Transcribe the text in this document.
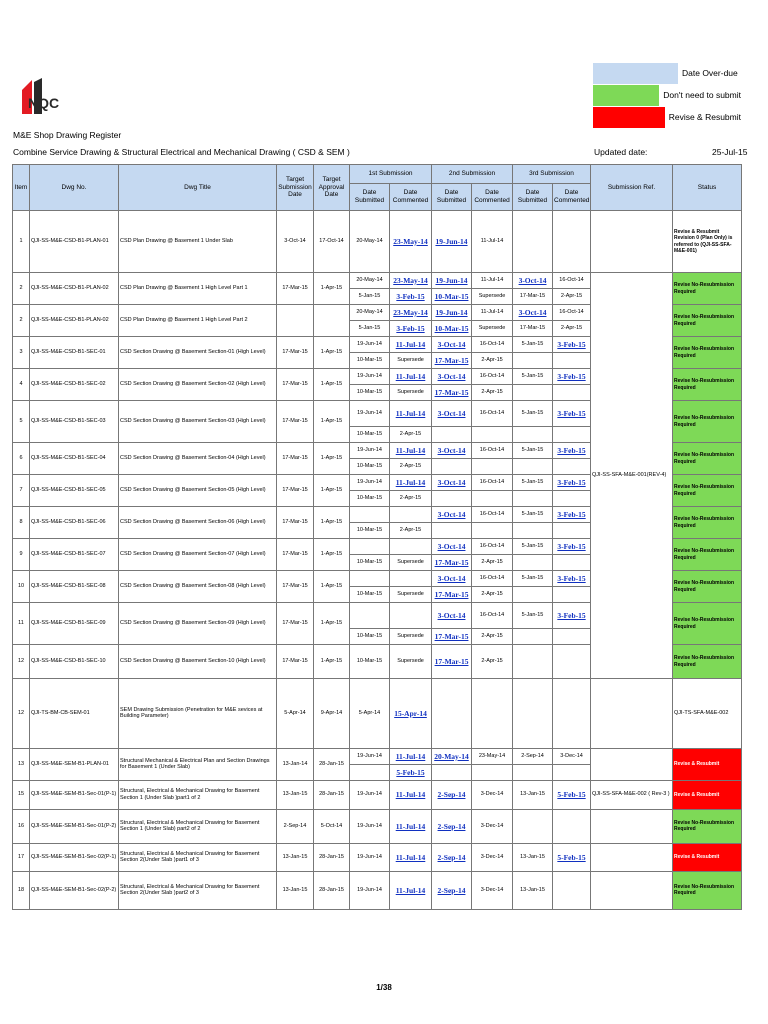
NQC
Date Over-due
Don't need to submit
Revise & Resubmit
M&E Shop Drawing Register
Combine Service Drawing & Structural Electrical and Mechanical Drawing ( CSD & SEM )	Updated date:	25-Jul-15
Item	Dwg No.	Dwg Title	Target Submission Date	Target Approval Date	1st Submission		2nd Submission		3rd Submission		Submission Ref.	Status	
					Date Submitted	Date Commented	Date Submitted	Date Commented	Date Submitted	Date Commented			
1	QJI-SS-M&E-CSD-B1-PLAN-01	CSD Plan Drawing @ Basement 1 Under Slab	3-Oct-14	17-Oct-14	20-May-14	23-May-14	19-Jun-14	11-Jul-14				Revise & Resubmit Revision 0 (Plan Only) is referred to (QJI-SS-SFA-M&E-001)	
2	QJI-SS-M&E-CSD-B1-PLAN-02	CSD Plan Drawing @ Basement 1 High Level Part 1	17-Mar-15	1-Apr-15	20-May-14	23-May-14	19-Jun-14	11-Jul-14	3-Oct-14	16-Oct-14	QJI-SS-SFA-M&E-001(REV-4)	Revise No-Resubmission Required	
					5-Jan-15	3-Feb-15	10-Mar-15	Supersede	17-Mar-15	2-Apr-15			
2	QJI-SS-M&E-CSD-B1-PLAN-02	CSD Plan Drawing @ Basement 1 High Level Part 2			20-May-14	23-May-14	19-Jun-14	11-Jul-14	3-Oct-14	16-Oct-14		Revise No-Resubmission Required	
					5-Jan-15	3-Feb-15	10-Mar-15	Supersede	17-Mar-15	2-Apr-15			
3	QJI-SS-M&E-CSD-B1-SEC-01	CSD Section Drawing @ Basement Section-01 (High Level)	17-Mar-15	1-Apr-15	19-Jun-14	11-Jul-14	3-Oct-14	16-Oct-14	5-Jan-15	3-Feb-15		Revise No-Resubmission Required	
					10-Mar-15	Supersede	17-Mar-15	2-Apr-15					
4	QJI-SS-M&E-CSD-B1-SEC-02	CSD Section Drawing @ Basement Section-02 (High Level)	17-Mar-15	1-Apr-15	19-Jun-14	11-Jul-14	3-Oct-14	16-Oct-14	5-Jan-15	3-Feb-15		Revise No-Resubmission Required	
					10-Mar-15	Supersede	17-Mar-15	2-Apr-15					
5	QJI-SS-M&E-CSD-B1-SEC-03	CSD Section Drawing @ Basement Section-03 (High Level)	17-Mar-15	1-Apr-15	19-Jun-14	11-Jul-14	3-Oct-14	16-Oct-14	5-Jan-15	3-Feb-15		Revise No-Resubmission Required	
					10-Mar-15	2-Apr-15							
6	QJI-SS-M&E-CSD-B1-SEC-04	CSD Section Drawing @ Basement Section-04 (High Level)	17-Mar-15	1-Apr-15	19-Jun-14	11-Jul-14	3-Oct-14	16-Oct-14	5-Jan-15	3-Feb-15		Revise No-Resubmission Required	
					10-Mar-15	2-Apr-15							
7	QJI-SS-M&E-CSD-B1-SEC-05	CSD Section Drawing @ Basement Section-05 (High Level)	17-Mar-15	1-Apr-15	19-Jun-14	11-Jul-14	3-Oct-14	16-Oct-14	5-Jan-15	3-Feb-15		Revise No-Resubmission Required	
					10-Mar-15	2-Apr-15							
8	QJI-SS-M&E-CSD-B1-SEC-06	CSD Section Drawing @ Basement Section-06 (High Level)	17-Mar-15	1-Apr-15			3-Oct-14	16-Oct-14	5-Jan-15	3-Feb-15		Revise No-Resubmission Required	
					10-Mar-15	2-Apr-15							
9	QJI-SS-M&E-CSD-B1-SEC-07	CSD Section Drawing @ Basement Section-07 (High Level)	17-Mar-15	1-Apr-15			3-Oct-14	16-Oct-14	5-Jan-15	3-Feb-15		Revise No-Resubmission Required	
					10-Mar-15	Supersede	17-Mar-15	2-Apr-15					
10	QJI-SS-M&E-CSD-B1-SEC-08	CSD Section Drawing @ Basement Section-08 (High Level)	17-Mar-15	1-Apr-15			3-Oct-14	16-Oct-14	5-Jan-15	3-Feb-15		Revise No-Resubmission Required	
					10-Mar-15	Supersede	17-Mar-15	2-Apr-15					
11	QJI-SS-M&E-CSD-B1-SEC-09	CSD Section Drawing @ Basement Section-09 (High Level)	17-Mar-15	1-Apr-15			3-Oct-14	16-Oct-14	5-Jan-15	3-Feb-15		Revise No-Resubmission Required	
					10-Mar-15	Supersede	17-Mar-15	2-Apr-15					
12	QJI-SS-M&E-CSD-B1-SEC-10	CSD Section Drawing @ Basement Section-10 (High Level)	17-Mar-15	1-Apr-15	10-Mar-15	Supersede	17-Mar-15	2-Apr-15				Revise No-Resubmission Required	
12	QJI-TS-BM-CB-SEM-01	SEM Drawing Submission (Penetration for M&E sevices at Building Parameter)	5-Apr-14	9-Apr-14	5-Apr-14	15-Apr-14						QJI-TS-SFA-M&E-002	
13	QJI-SS-M&E-SEM-B1-PLAN-01	Structural Mechanical & Electrical Plan and Section Drawings for Basement 1 (Under Slab)	13-Jan-14	28-Jan-15	19-Jun-14	11-Jul-14	20-May-14	23-May-14	2-Sep-14	3-Dec-14		Revise & Resubmit	
						5-Feb-15							
15	QJI-SS-M&E-SEM-B1-Sec-01(P-1)	Structural, Electrical & Mechanical Drawing for Basement Section 1 (Under Slab )part1 of 2	13-Jan-15	28-Jan-15	19-Jun-14	11-Jul-14	2-Sep-14	3-Dec-14	13-Jan-15	5-Feb-15	QJI-SS-SFA-M&E-002 ( Rev-3 )	Revise & Resubmit	
16	QJI-SS-M&E-SEM-B1-Sec-01(P-2)	Structural, Electrical & Mechanical Drawing for Basement Section 1 (Under Slab) part2 of 2	2-Sep-14	5-Oct-14	19-Jun-14	11-Jul-14	2-Sep-14	3-Dec-14				Revise No-Resubmission Required	
17	QJI-SS-M&E-SEM-B1-Sec-02(P-1)	Structural, Electrical & Mechanical Drawing for Basement Section 2(Under Slab )part1 of 3	13-Jan-15	28-Jan-15	19-Jun-14	11-Jul-14	2-Sep-14	3-Dec-14	13-Jan-15	5-Feb-15		Revise & Resubmit	
18	QJI-SS-M&E-SEM-B1-Sec-02(P-2)	Structural, Electrical & Mechanical Drawing for Basement Section 2(Under Slab )part2 of 3	13-Jan-15	28-Jan-15	19-Jun-14	11-Jul-14	2-Sep-14	3-Dec-14	13-Jan-15			Revise No-Resubmission Required	
1/38
